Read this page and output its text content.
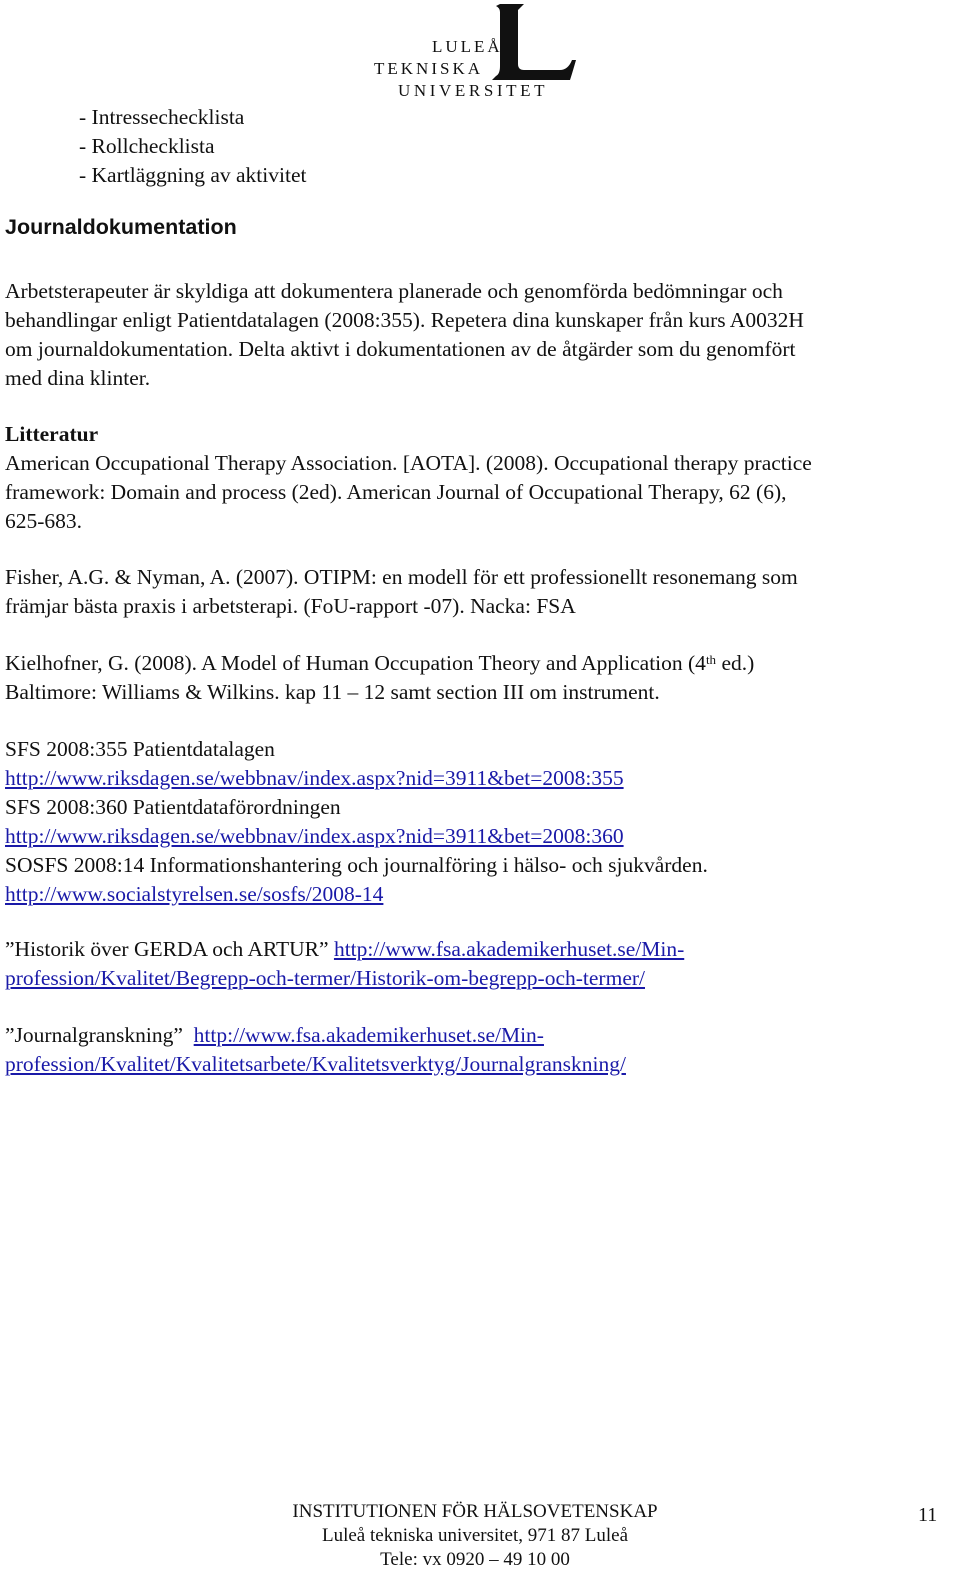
LULEÅ
TEKNISKA
UNIVERSITET
- Intressechecklista
- Rollchecklista
- Kartläggning av aktivitet
Journaldokumentation
Arbetsterapeuter är skyldiga att dokumentera planerade och genomförda bedömningar och
behandlingar enligt Patientdatalagen (2008:355). Repetera dina kunskaper från kurs A0032H
om journaldokumentation. Delta aktivt i dokumentationen av de åtgärder som du genomfört
med dina klinter.
Litteratur
American Occupational Therapy Association. [AOTA]. (2008). Occupational therapy practice
framework: Domain and process (2ed). American Journal of Occupational Therapy, 62 (6),
625-683.
Fisher, A.G. & Nyman, A. (2007). OTIPM: en modell för ett professionellt resonemang som
främjar bästa praxis i arbetsterapi. (FoU-rapport -07). Nacka: FSA
Kielhofner, G. (2008). A Model of Human Occupation Theory and Application (4th ed.)
Baltimore: Williams & Wilkins. kap 11 – 12 samt section III om instrument.
SFS 2008:355 Patientdatalagen
http://www.riksdagen.se/webbnav/index.aspx?nid=3911&bet=2008:355
SFS 2008:360 Patientdataförordningen
http://www.riksdagen.se/webbnav/index.aspx?nid=3911&bet=2008:360
SOSFS 2008:14 Informationshantering och journalföring i hälso- och sjukvården.
http://www.socialstyrelsen.se/sosfs/2008-14
”Historik över GERDA och ARTUR” http://www.fsa.akademikerhuset.se/Min-
profession/Kvalitet/Begrepp-och-termer/Historik-om-begrepp-och-termer/
”Journalgranskning” http://www.fsa.akademikerhuset.se/Min-
profession/Kvalitet/Kvalitetsarbete/Kvalitetsverktyg/Journalgranskning/
INSTITUTIONEN FÖR HÄLSOVETENSKAP
Luleå tekniska universitet, 971 87 Luleå
Tele: vx 0920 – 49 10 00
11
